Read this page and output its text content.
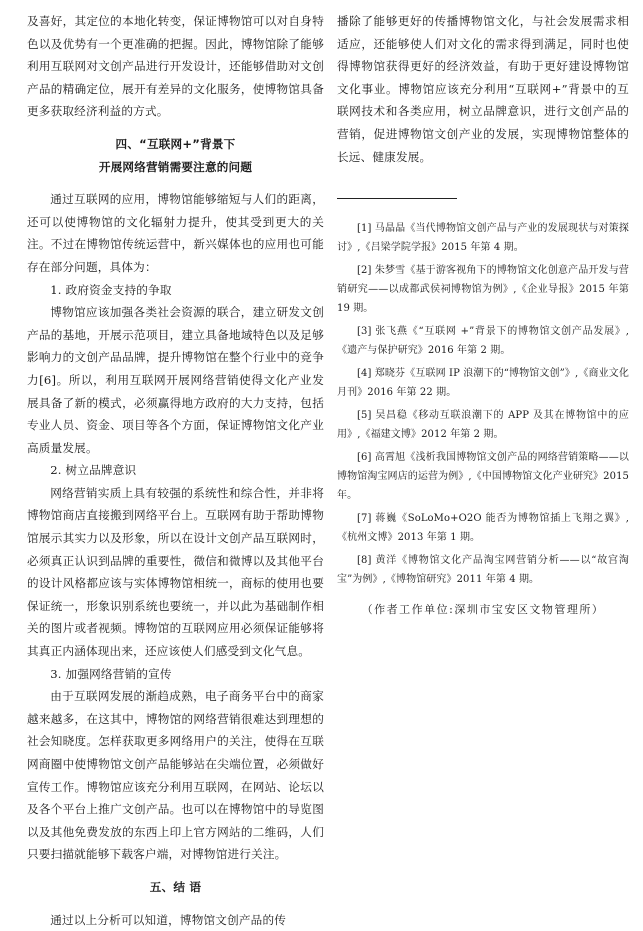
及喜好，其定位的本地化转变，保证博物馆可以对自身特色以及优势有一个更准确的把握。因此，博物馆除了能够利用互联网对文创产品进行开发设计，还能够借助对文创产品的精确定位，展开有差异的文化服务，使博物馆具备更多获取经济利益的方式。

四、“互联网+”背景下

开展网络营销需要注意的问题

通过互联网的应用，博物馆能够缩短与人们的距离，还可以使博物馆的文化辐射力提升，使其受到更大的关注。不过在博物馆传统运营中，新兴媒体也的应用也可能存在部分问题，具体为：

1. 政府资金支持的争取

博物馆应该加强各类社会资源的联合，建立研发文创产品的基地，开展示范项目，建立具备地域特色以及足够影响力的文创产品品牌，提升博物馆在整个行业中的竞争力[6]。所以，利用互联网开展网络营销使得文化产业发展具备了新的模式，必须赢得地方政府的大力支持，包括专业人员、资金、项目等各个方面，保证博物馆文化产业高质量发展。

2. 树立品牌意识

网络营销实质上具有较强的系统性和综合性，并非将博物馆商店直接搬到网络平台上。互联网有助于帮助博物馆展示其实力以及形象，所以在设计文创产品互联网时，必须真正认识到品牌的重要性，微信和微博以及其他平台的设计风格都应该与实体博物馆相统一，商标的使用也要保证统一，形象识别系统也要统一，并以此为基础制作相关的图片或者视频。博物馆的互联网应用必须保证能够将其真正内涵体现出来，还应该使人们感受到文化气息。

3. 加强网络营销的宣传

由于互联网发展的渐趋成熟，电子商务平台中的商家越来越多，在这其中，博物馆的网络营销很难达到理想的社会知晓度。怎样获取更多网络用户的关注，使得在互联网商圈中使博物馆文创产品能够站在尖端位置，必须做好宣传工作。博物馆应该充分利用互联网，在网站、论坛以及各个平台上推广文创产品。也可以在博物馆中的导览图以及其他免费发放的东西上印上官方网站的二维码，人们只要扫描就能够下载客户端，对博物馆进行关注。

五、结 语

通过以上分析可以知道，博物馆文创产品的传

播除了能够更好的传播博物馆文化，与社会发展需求相适应，还能够使人们对文化的需求得到满足，同时也使得博物馆获得更好的经济效益，有助于更好建设博物馆文化事业。博物馆应该充分利用“互联网+”背景中的互联网技术和各类应用，树立品牌意识，进行文创产品的营销，促进博物馆文创产业的发展，实现博物馆整体的长远、健康发展。

[1] 马晶晶《当代博物馆文创产品与产业的发展现状与对策探讨》,《吕梁学院学报》2015 年第 4 期。

[2] 朱梦雪《基于游客视角下的博物馆文化创意产品开发与营销研究——以成都武侯祠博物馆为例》,《企业导报》2015 年第 19 期。

[3] 张飞燕《“互联网 +”背景下的博物馆文创产品发展》,《遗产与保护研究》2016 年第 2 期。

[4] 郑晓芬《互联网 IP 浪潮下的“博物馆文创”》,《商业文化月刊》2016 年第 22 期。

[5] 吴昌稳《移动互联浪潮下的 APP 及其在博物馆中的应用》,《福建文博》2012 年第 2 期。

[6] 高霄旭《浅析我国博物馆文创产品的网络营销策略——以博物馆淘宝网店的运营为例》,《中国博物馆文化产业研究》2015 年。

[7] 蒋巍《SoLoMo+O2O 能否为博物馆插上飞翔之翼》,《杭州文博》2013 年第 1 期。

[8] 黄洋《博物馆文化产品淘宝网营销分析——以“故宫淘宝”为例》,《博物馆研究》2011 年第 4 期。

（作者工作单位:深圳市宝安区文物管理所）
